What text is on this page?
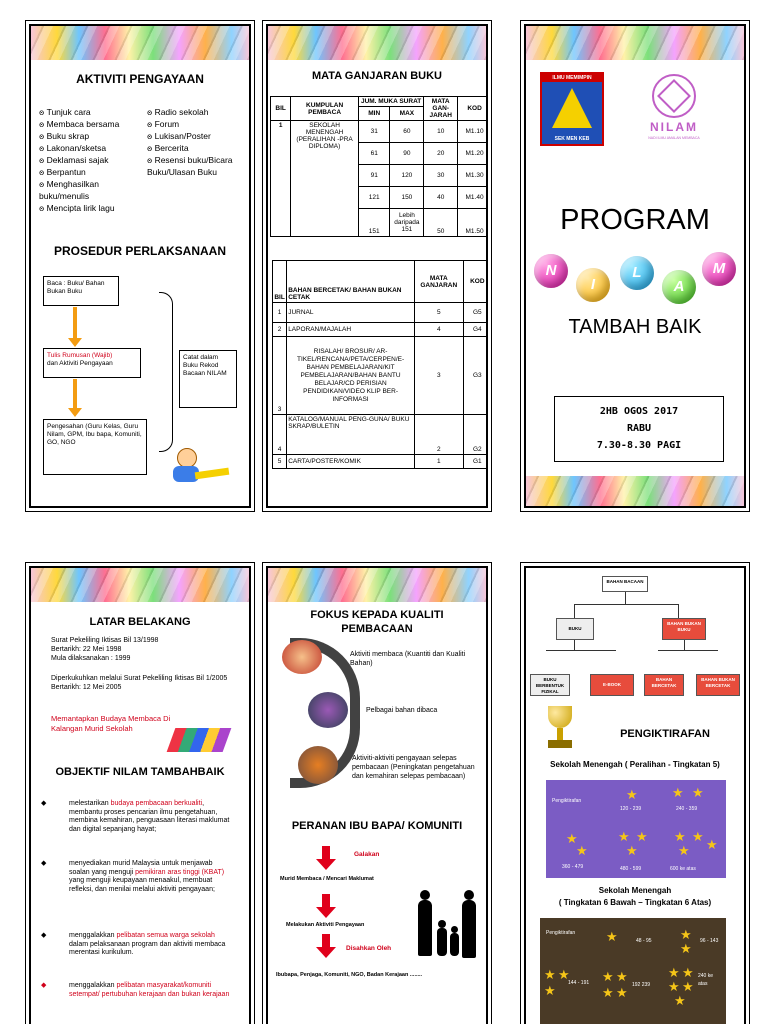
AKTIVITI PENGAYAAN
ꙩ Tunjuk cara
ꙩ Membaca bersama
ꙩ Buku skrap
ꙩ Lakonan/sketsa
ꙩ Deklamasi sajak
ꙩ Berpantun
ꙩ Menghasilkan buku/menulis
ꙩ Mencipta lirik lagu
ꙩ Radio sekolah
ꙩ Forum
ꙩ Lukisan/Poster
ꙩ Bercerita
ꙩ Resensi buku/Bicara Buku/Ulasan Buku
PROSEDUR PERLAKSANAAN
Baca : Buku/ Bahan Bukan Buku
Tulis Rumusan (Wajib)
dan Aktiviti Pengayaan
Pengesahan (Guru Kelas, Guru Nilam, GPM, Ibu bapa, Komuniti, GO, NGO
Catat dalam Buku Rekod Bacaan NILAM
MATA GANJARAN BUKU
BIL	KUMPULAN PEMBACA	JUM. MUKA SURAT		MATA GAN-JARAH	KOD
		MIN	MAX		
1	SEKOLAH MENENGAH (PERALIHAN -PRA DIPLOMA)	31	60	10	M1.10
		61	90	20	M1.20
		91	120	30	M1.30
		121	150	40	M1.40
		151	Lebih daripada 151	50	M1.50
BIL	BAHAN BERCETAK/ BAHAN BUKAN CETAK	MATA GANJARAN	KOD
1	JURNAL	5	G5
2	LAPORAN/MAJALAH	4	G4
3	RISALAH/ BROSUR/ AR-TIKEL/RENCANA/PETA/CERPEN/E-BAHAN PEMBELAJARAN/KIT PEMBELAJARAN/BAHAN BANTU BELAJAR/CD PERISIAN PENDIDIKAN/VIDEO KLIP BER-INFORMASI	3	G3
4	KATALOG/MANUAL PENG-GUNA/ BUKU SKRAP/BULETIN	2	G2
5	CARTA/POSTER/KOMIK	1	G1
ILMU MEMIMPIN
SEK MEN KEB
NILAM
NADI ILMU AMALAN MEMBACA
PROGRAM
N
I
L
A
M
TAMBAH BAIK
2HB OGOS 2017
RABU
7.30-8.30 PAGI
LATAR BELAKANG
Surat Pekeliling Iktisas Bil 13/1998
Bertarikh: 22 Mei 1998
Mula dilaksanakan : 1999
Diperkukuhkan melalui Surat Pekeliling Iktisas Bil 1/2005
Bertarikh: 12 Mei 2005
Memantapkan Budaya Membaca Di Kalangan Murid Sekolah
OBJEKTIF NILAM TAMBAHBAIK
◆	melestarikan budaya pembacaan berkualiti, membantu proses pencarian ilmu pengetahuan, membina kemahiran, penguasaan literasi maklumat dan digital sepanjang hayat;
◆	menyediakan murid Malaysia untuk menjawab soalan yang menguji pemikiran aras tinggi (KBAT) yang menguji keupayaan menaakul, membuat refleksi, dan menilai melalui aktiviti pengayaan;
◆	menggalakkan pelibatan semua warga sekolah dalam pelaksanaan program dan aktiviti membaca merentasi kurikulum.
◆	menggalakkan pelibatan masyarakat/komuniti setempat/ pertubuhan kerajaan dan bukan kerajaan
FOKUS KEPADA KUALITI PEMBACAAN
Aktiviti membaca (Kuantiti dan Kualiti Bahan)
Pelbagai bahan dibaca
Aktiviti-aktiviti pengayaan selepas pembacaan (Peningkatan pengetahuan dan kemahiran selepas pembacaan)
PERANAN IBU BAPA/ KOMUNITI
Galakan
Murid Membaca / Mencari Maklumat
Melakukan Aktiviti Pengayaan
Disahkan Oleh
Ibubapa, Penjaga, Komuniti, NGO, Badan Kerajaan ........
BAHAN BACAAN
BUKU
BAHAN BUKAN BUKU
BUKU BERBENTUK FIZIKAL
E-BOOK
BAHAN BERCETAK
BAHAN BUKAN BERCETAK
PENGIKTIRAFAN
Sekolah Menengah ( Peralihan - Tingkatan 5)
Pengiktirafan	★	★ ★
120 - 239	240 - 359
★
★
★ ★
★
★ ★
★
★
360 - 479	480 - 599	600 ke atas
Sekolah Menengah
( Tingkatan 6 Bawah – Tingkatan 6 Atas)
Pengiktirafan ★	48 - 95 ★
★ 96 - 143
★ ★
★ 144 - 191 ★ ★
★ ★ 192 239
★ ★
★ ★
★
240 ke atas
